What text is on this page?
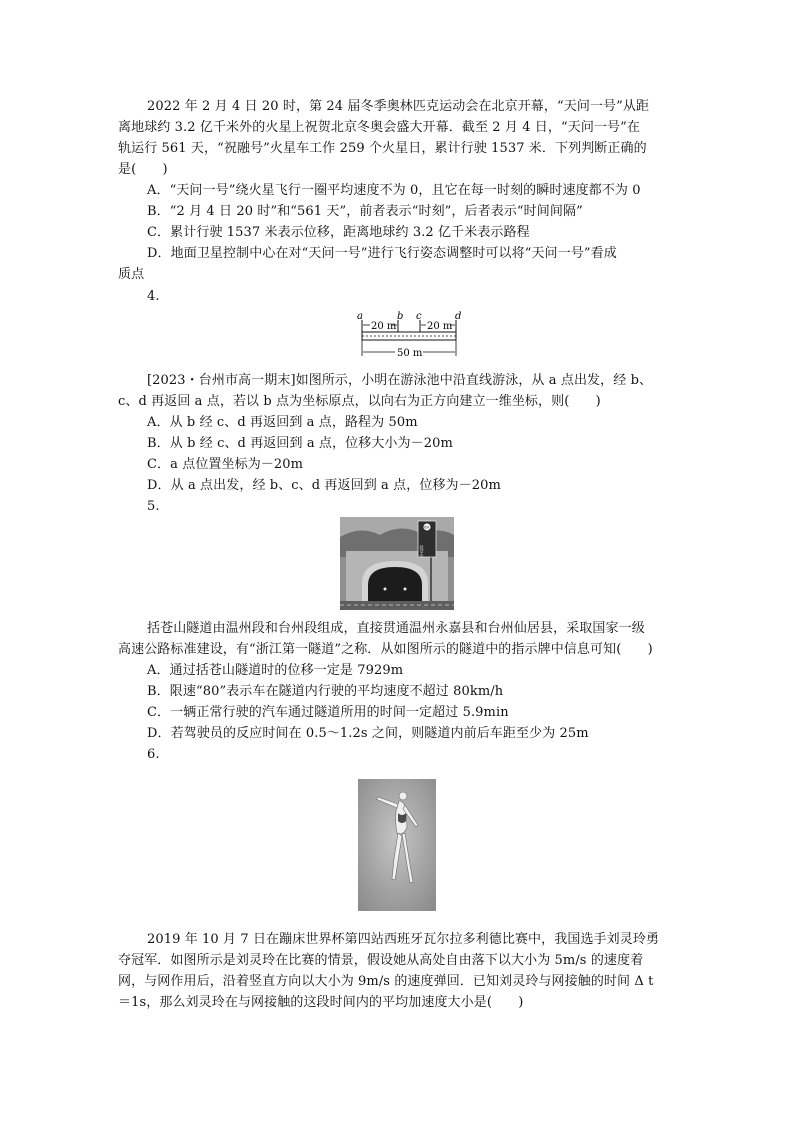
2022 年 2 月 4 日 20 时，第 24 届冬季奥林匹克运动会在北京开幕，“天问一号”从距
离地球约 3.2 亿千米外的火星上祝贺北京冬奥会盛大开幕．截至 2 月 4 日，“天问一号”在
轨运行 561 天，“祝融号”火星车工作 259 个火星日，累计行驶 1537 米．下列判断正确的
是(　　)
A．“天问一号”绕火星飞行一圈平均速度不为 0，且它在每一时刻的瞬时速度都不为 0
B．“2 月 4 日 20 时”和“561 天”，前者表示“时刻”，后者表示“时间间隔”
C．累计行驶 1537 米表示位移，距离地球约 3.2 亿千米表示路程
D．地面卫星控制中心在对“天问一号”进行飞行姿态调整时可以将“天问一号”看成
质点
4.
a	b c	d
20 m	20 m
50 m
[2023・台州市高一期末]如图所示，小明在游泳池中沿直线游泳，从 a 点出发，经 b、
c、d 再返回 a 点，若以 b 点为坐标原点，以向右为正方向建立一维坐标，则(　　)
A．从 b 经 c、d 再返回到 a 点，路程为 50m
B．从 b 经 c、d 再返回到 a 点，位移大小为－20m
C．a 点位置坐标为－20m
D．从 a 点出发，经 b、c、d 再返回到 a 点，位移为－20m
5.
80
括苍山
括苍山隧道由温州段和台州段组成，直接贯通温州永嘉县和台州仙居县，采取国家一级
高速公路标准建设，有“浙江第一隧道”之称．从如图所示的隧道中的指示牌中信息可知(　　)
A．通过括苍山隧道时的位移一定是 7929m
B．限速“80”表示车在隧道内行驶的平均速度不超过 80km/h
C．一辆正常行驶的汽车通过隧道所用的时间一定超过 5.9min
D．若驾驶员的反应时间在 0.5～1.2s 之间，则隧道内前后车距至少为 25m
6.
2019 年 10 月 7 日在蹦床世界杯第四站西班牙瓦尔拉多利德比赛中，我国选手刘灵玲勇
夺冠军．如图所示是刘灵玲在比赛的情景，假设她从高处自由落下以大小为 5m/s 的速度着
网，与网作用后，沿着竖直方向以大小为 9m/s 的速度弹回．已知刘灵玲与网接触的时间 Δ t
＝1s，那么刘灵玲在与网接触的这段时间内的平均加速度大小是(　　)
